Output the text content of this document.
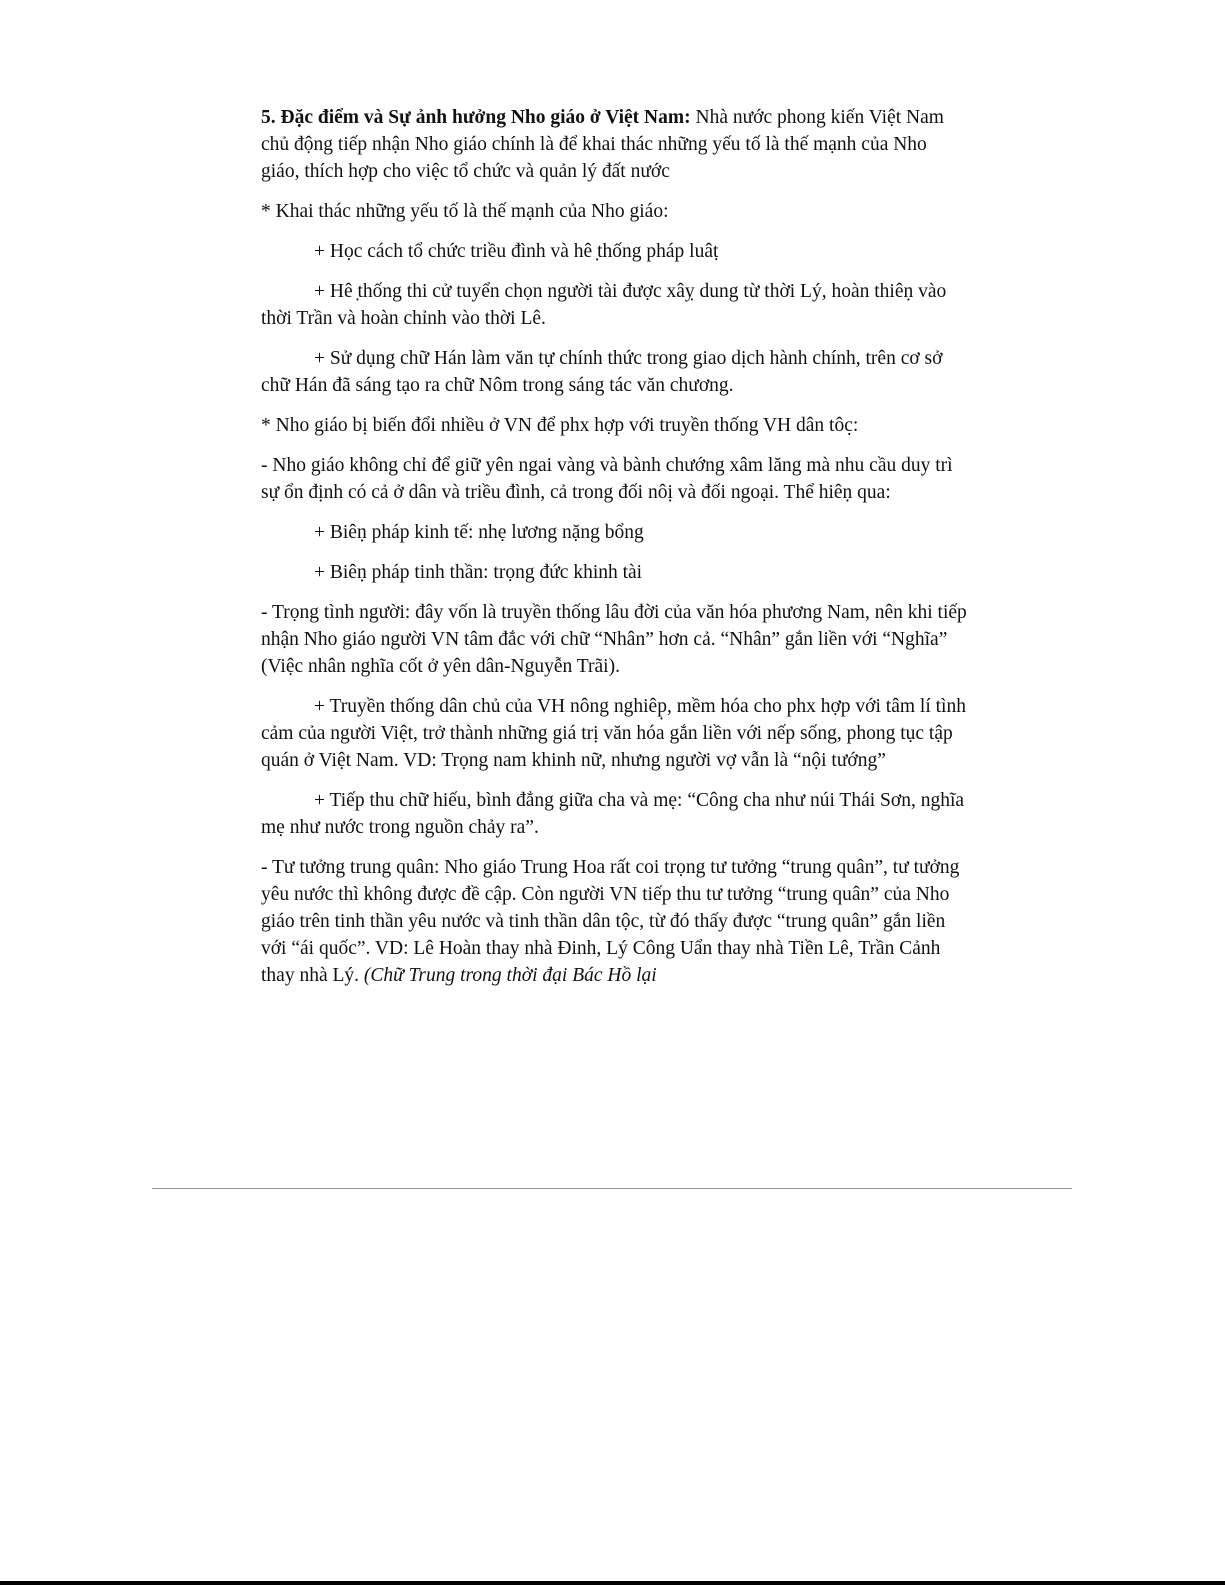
5. Đặc điểm và Sự ảnh hưởng Nho giáo ở Việt Nam: Nhà nước phong kiến Việt Nam chủ động tiếp nhận Nho giáo chính là để khai thác những yếu tố là thế mạnh của Nho giáo, thích hợp cho việc tổ chức và quản lý đất nước

* Khai thác những yếu tố là thế mạnh của Nho giáo:

+ Học cách tổ chức triều đình và hê ̣thống pháp luâṭ

+ Hê ̣thống thi cử tuyển chọn người tài được xâỵ dung từ thời Lý, hoàn thiêṇ vào thời Trần và hoàn chỉnh vào thời Lê.

+ Sử dụng chữ Hán làm văn tự chính thức trong giao dịch hành chính, trên cơ sở chữ Hán đã sáng tạo ra chữ Nôm trong sáng tác văn chương.

* Nho giáo bị biến đổi nhiều ở VN để phx hợp với truyền thống VH dân tôc̣:

- Nho giáo không chỉ để giữ yên ngai vàng và bành chướng xâm lăng mà nhu cầu duy trì sự ổn định có cả ở dân và triều đình, cả trong đối nôị và đối ngoại. Thể hiêṇ qua:

+ Biêṇ pháp kinh tế: nhẹ lương nặng bổng

+ Biêṇ pháp tinh thần: trọng đức khinh tài

- Trọng tình người: đây vốn là truyền thống lâu đời của văn hóa phương Nam, nên khi tiếp nhận Nho giáo người VN tâm đắc với chữ “Nhân” hơn cả. “Nhân” gắn liền với “Nghĩa” (Việc nhân nghĩa cốt ở yên dân-Nguyễn Trãi).

+ Truyền thống dân chủ của VH nông nghiêp̣, mềm hóa cho phx hợp với tâm lí tình cảm của người Việt, trở thành những giá trị văn hóa gắn liền với nếp sống, phong tục tập quán ở Việt Nam. VD: Trọng nam khinh nữ, nhưng người vợ vẫn là “nội tướng”

+ Tiếp thu chữ hiếu, bình đẳng giữa cha và mẹ: “Công cha như núi Thái Sơn, nghĩa mẹ như nước trong nguồn chảy ra”.

- Tư tưởng trung quân: Nho giáo Trung Hoa rất coi trọng tư tưởng “trung quân”, tư tưởng yêu nước thì không được đề cập. Còn người VN tiếp thu tư tưởng “trung quân” của Nho giáo trên tinh thần yêu nước và tinh thần dân tộc, từ đó thấy được “trung quân” gắn liền với “ái quốc”. VD: Lê Hoàn thay nhà Đinh, Lý Công Uẩn thay nhà Tiền Lê, Trần Cảnh thay nhà Lý. (Chữ Trung trong thời đại Bác Hồ lại
